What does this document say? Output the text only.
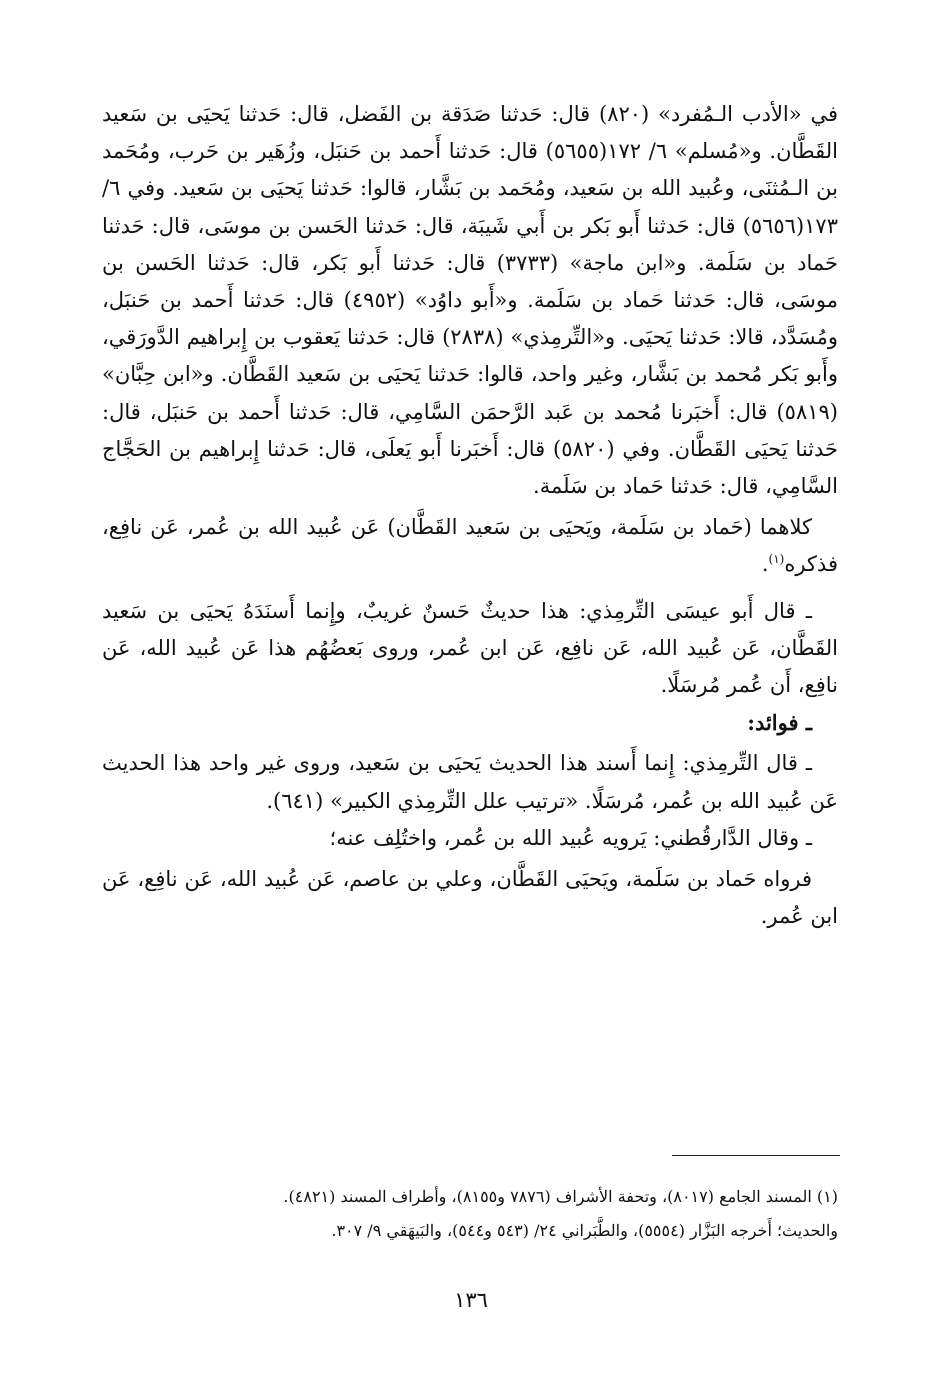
في «الأدب الـمُفرد» (٨٢٠) قال: حَدثنا صَدَقة بن الفَضل، قال: حَدثنا يَحيَى بن سَعيد القَطَّان. و«مُسلم» ٦/ ١٧٢(٥٦٥٥) قال: حَدثنا أَحمد بن حَنبَل، وزُهَير بن حَرب، ومُحَمد بن الـمُثنَى، وعُبيد الله بن سَعيد، ومُحَمد بن بَشَّار، قالوا: حَدثنا يَحيَى بن سَعيد. وفي ٦/ ١٧٣(٥٦٥٦) قال: حَدثنا أَبو بَكر بن أَبي شَيبَة، قال: حَدثنا الحَسن بن موسَى، قال: حَدثنا حَماد بن سَلَمة. و«ابن ماجة» (٣٧٣٣) قال: حَدثنا أَبو بَكر، قال: حَدثنا الحَسن بن موسَى، قال: حَدثنا حَماد بن سَلَمة. و«أَبو داوُد» (٤٩٥٢) قال: حَدثنا أَحمد بن حَنبَل، ومُسَدَّد، قالا: حَدثنا يَحيَى. و«التِّرمِذي» (٢٨٣٨) قال: حَدثنا يَعقوب بن إِبراهيم الدَّورَقي، وأَبو بَكر مُحمد بن بَشَّار، وغير واحد، قالوا: حَدثنا يَحيَى بن سَعيد القَطَّان. و«ابن حِبَّان» (٥٨١٩) قال: أَخبَرنا مُحمد بن عَبد الرَّحمَن السَّامِي، قال: حَدثنا أَحمد بن حَنبَل، قال: حَدثنا يَحيَى القَطَّان. وفي (٥٨٢٠) قال: أَخبَرنا أَبو يَعلَى، قال: حَدثنا إِبراهيم بن الحَجَّاج السَّامِي، قال: حَدثنا حَماد بن سَلَمة.

كلاهما (حَماد بن سَلَمة، ويَحيَى بن سَعيد القَطَّان) عَن عُبيد الله بن عُمر، عَن نافِع، فذكره$^{(١)}$.

ـ قال أَبو عيسَى التِّرمِذي: هذا حديثٌ حَسنٌ غريبٌ، وإِنما أَسنَدَهُ يَحيَى بن سَعيد القَطَّان، عَن عُبيد الله، عَن نافِع، عَن ابن عُمر، وروى بَعضُهُم هذا عَن عُبيد الله، عَن نافِع، أَن عُمر مُرسَلًا.

ـ فوائد:

ـ قال التِّرمِذي: إِنما أَسند هذا الحديث يَحيَى بن سَعيد، وروى غير واحد هذا الحديث عَن عُبيد الله بن عُمر، مُرسَلًا. «ترتيب علل التِّرمِذي الكبير» (٦٤١).

ـ وقال الدَّارقُطني: يَرويه عُبيد الله بن عُمر، واختُلِف عنه؛

فرواه حَماد بن سَلَمة، ويَحيَى القَطَّان، وعلي بن عاصم، عَن عُبيد الله، عَن نافِع، عَن ابن عُمر.

(١) المسند الجامع (٨٠١٧)، وتحفة الأشراف (٧٨٧٦ و٨١٥٥)، وأطراف المسند (٤٨٢١).

والحديث؛ أَخرجه البَزَّار (٥٥٥٤)، والطَّبَراني ٢٤/ (٥٤٣ و٥٤٤)، والبَيهَقي ٩/ ٣٠٧.

١٣٦
